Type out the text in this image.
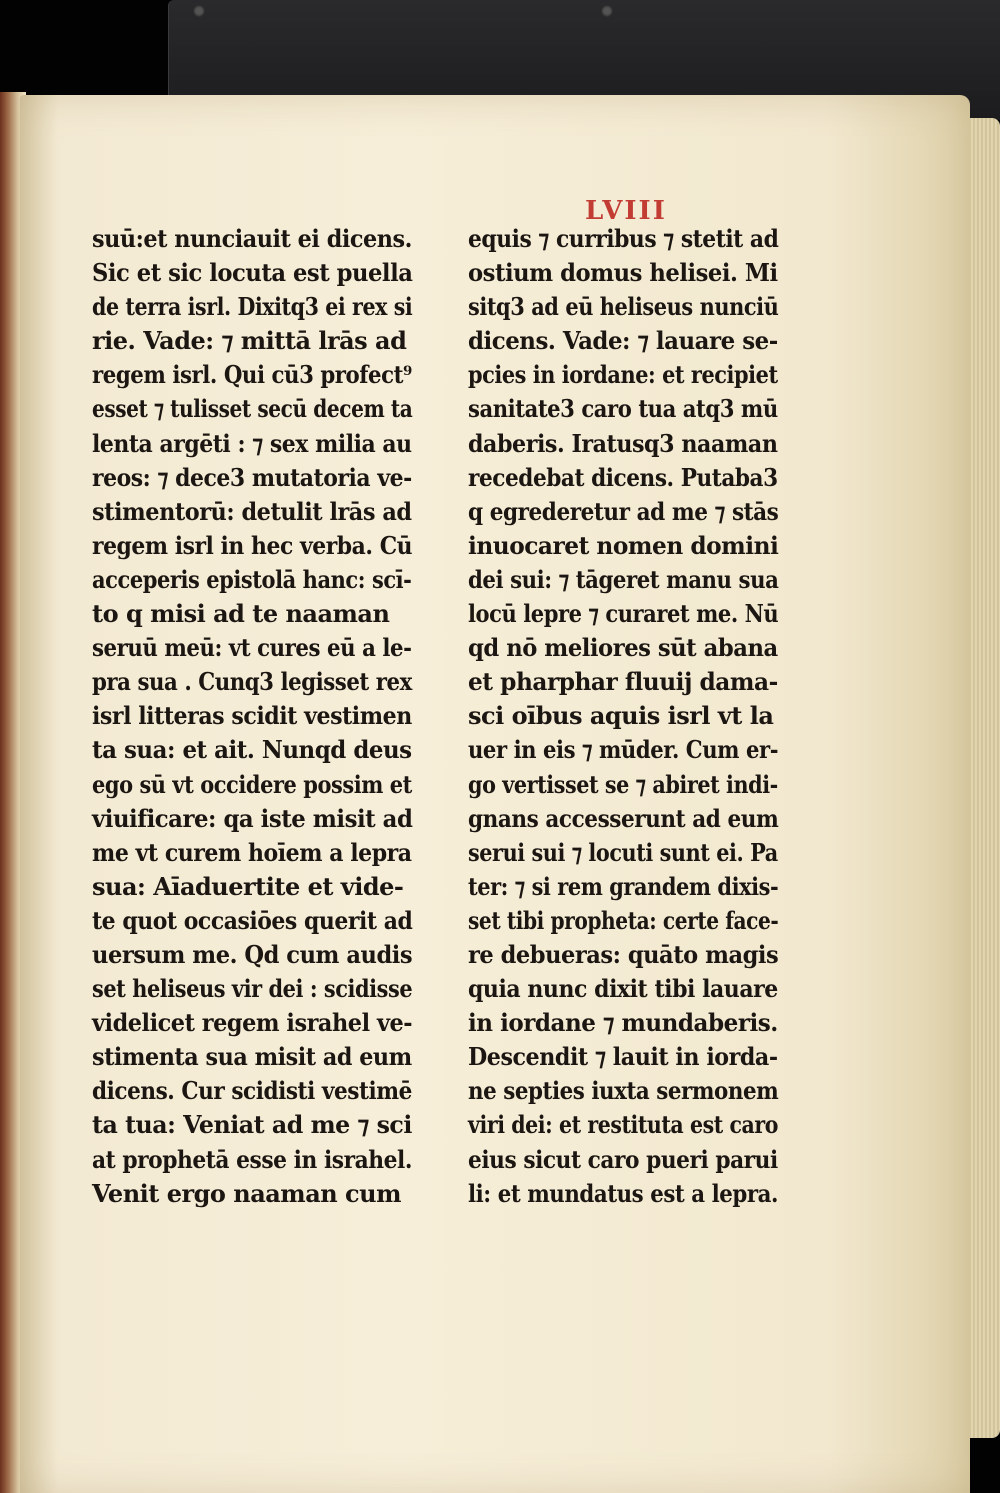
LVIII
suū:et nunciauit ei dicens.
Sic et sic locuta est puella
de terra isrl. Dixitq3 ei rex si
rie. Vade: ⁊ mittā lrās ad
regem isrl. Qui cū3 profect⁹
esset ⁊ tulisset secū decem ta
lenta argēti : ⁊ sex milia au
reos: ⁊ dece3 mutatoria ve-
stimentorū: detulit lrās ad
regem isrl in hec verba. Cū
acceperis epistolā hanc: scī-
to q misi ad te naaman
seruū meū: vt cures eū a le-
pra sua . Cunq3 legisset rex
isrl litteras scidit vestimen
ta sua: et ait. Nunqd deus
ego sū vt occidere possim et
viuificare: qa iste misit ad
me vt curem hoīem a lepra
sua: Aīaduertite et vide-
te quot occasiōes querit ad
uersum me. Qd cum audis
set heliseus vir dei : scidisse
videlicet regem israhel ve-
stimenta sua misit ad eum
dicens. Cur scidisti vestimē
ta tua: Veniat ad me ⁊ sci
at prophetā esse in israhel.
Venit ergo naaman cum
equis ⁊ curribus ⁊ stetit ad
ostium domus helisei. Mi
sitq3 ad eū heliseus nunciū
dicens. Vade: ⁊ lauare se-
pcies in iordane: et recipiet
sanitate3 caro tua atq3 mū
daberis. Iratusq3 naaman
recedebat dicens. Putaba3
q egrederetur ad me ⁊ stās
inuocaret nomen domini
dei sui: ⁊ tāgeret manu sua
locū lepre ⁊ curaret me. Nū
qd nō meliores sūt abana
et pharphar fluuij dama-
sci oībus aquis isrl vt la
uer in eis ⁊ mūder. Cum er-
go vertisset se ⁊ abiret indi-
gnans accesserunt ad eum
serui sui ⁊ locuti sunt ei. Pa
ter: ⁊ si rem grandem dixis-
set tibi propheta: certe face-
re debueras: quāto magis
quia nunc dixit tibi lauare
in iordane ⁊ mundaberis.
Descendit ⁊ lauit in iorda-
ne septies iuxta sermonem
viri dei: et restituta est caro
eius sicut caro pueri parui
li: et mundatus est a lepra.
